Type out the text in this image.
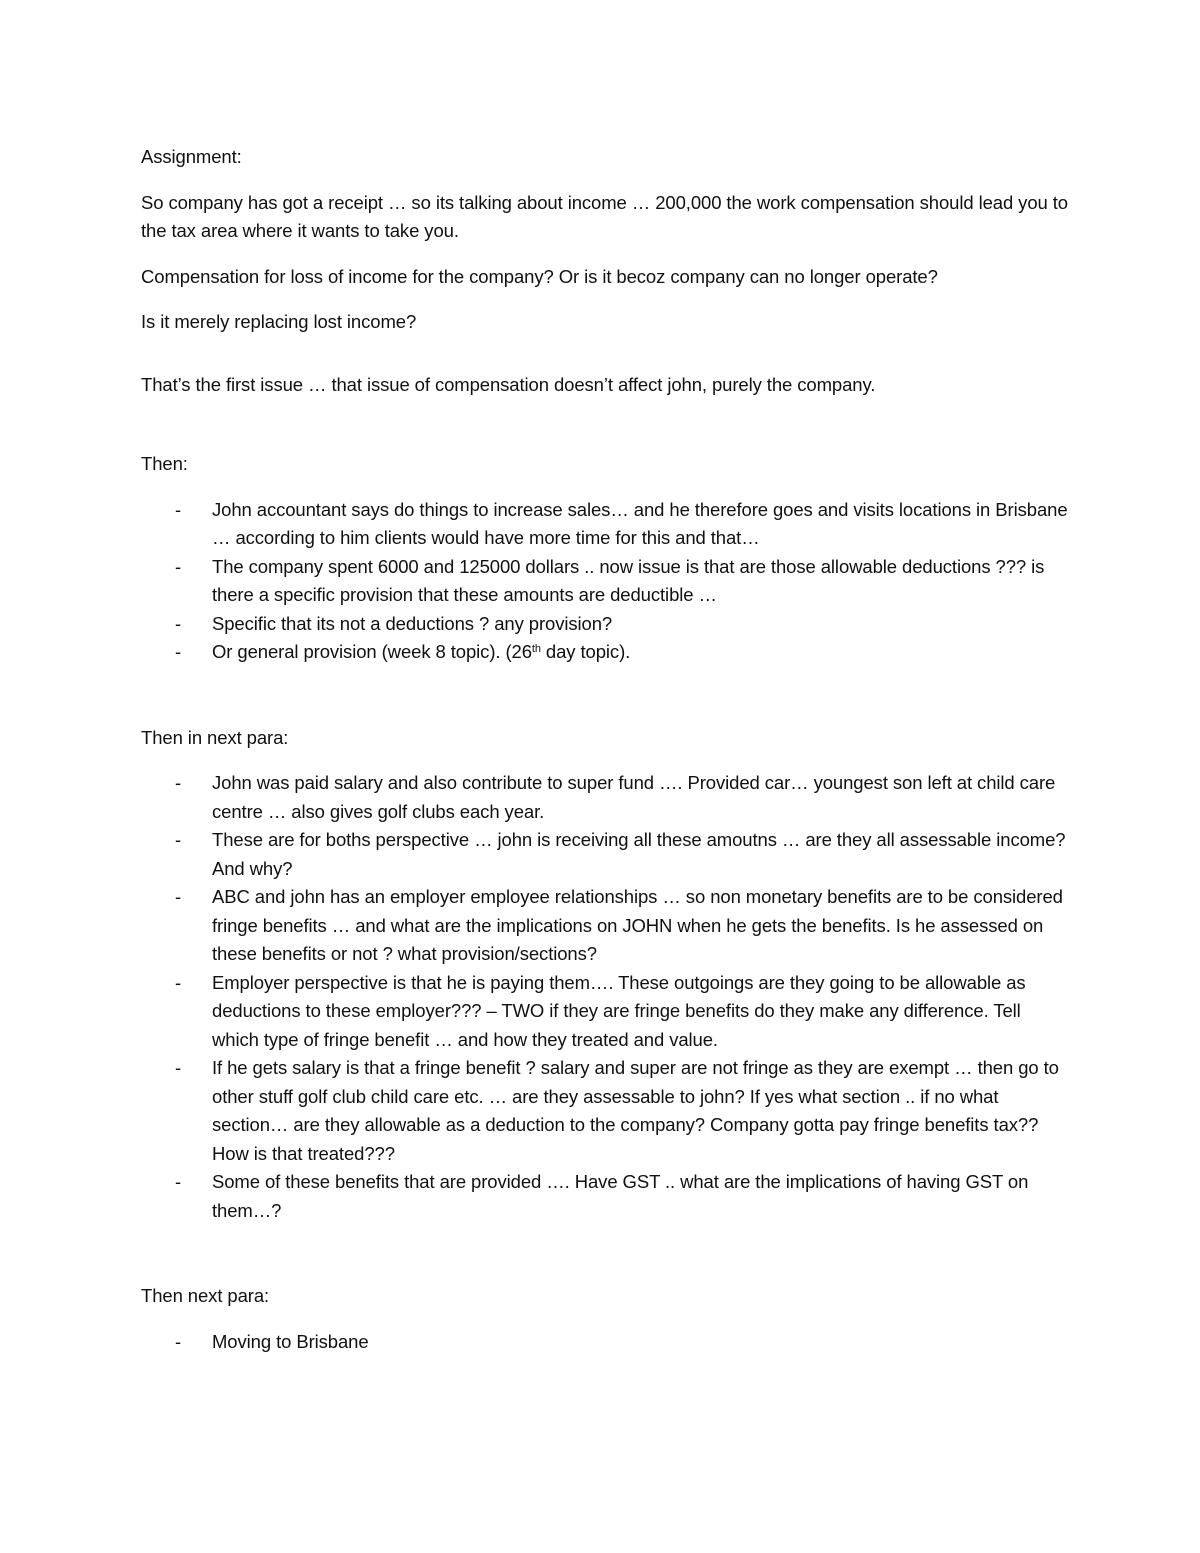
Assignment:

So company has got a receipt … so its talking about income … 200,000 the work compensation should lead you to the tax area where it wants to take you.

Compensation for loss of income for the company? Or is it becoz company can no longer operate?

Is it merely replacing lost income?

That’s the first issue … that issue of compensation doesn’t affect john, purely the company.

Then:

- John accountant says do things to increase sales… and he therefore goes and visits locations in Brisbane … according to him clients would have more time for this and that…
- The company spent 6000 and 125000 dollars .. now issue is that are those allowable deductions ??? is there a specific provision that these amounts are deductible …
- Specific that its not a deductions ? any provision?
- Or general provision (week 8 topic). (26th day topic).

Then in next para:

- John was paid salary and also contribute to super fund …. Provided car… youngest son left at child care centre … also gives golf clubs each year.
- These are for boths perspective … john is receiving all these amoutns … are they all assessable income? And why?
- ABC and john has an employer employee relationships … so non monetary benefits are to be considered fringe benefits … and what are the implications on JOHN when he gets the benefits. Is he assessed on these benefits or not ? what provision/sections?
- Employer perspective is that he is paying them…. These outgoings are they going to be allowable as deductions to these employer??? – TWO if they are fringe benefits do they make any difference. Tell which type of fringe benefit … and how they treated and value.
- If he gets salary is that a fringe benefit ? salary and super are not fringe as they are exempt … then go to other stuff golf club child care etc. … are they assessable to john? If yes what section .. if no what section… are they allowable as a deduction to the company? Company gotta pay fringe benefits tax?? How is that treated???
- Some of these benefits that are provided …. Have GST .. what are the implications of having GST on them…?

Then next para:

- Moving to Brisbane
